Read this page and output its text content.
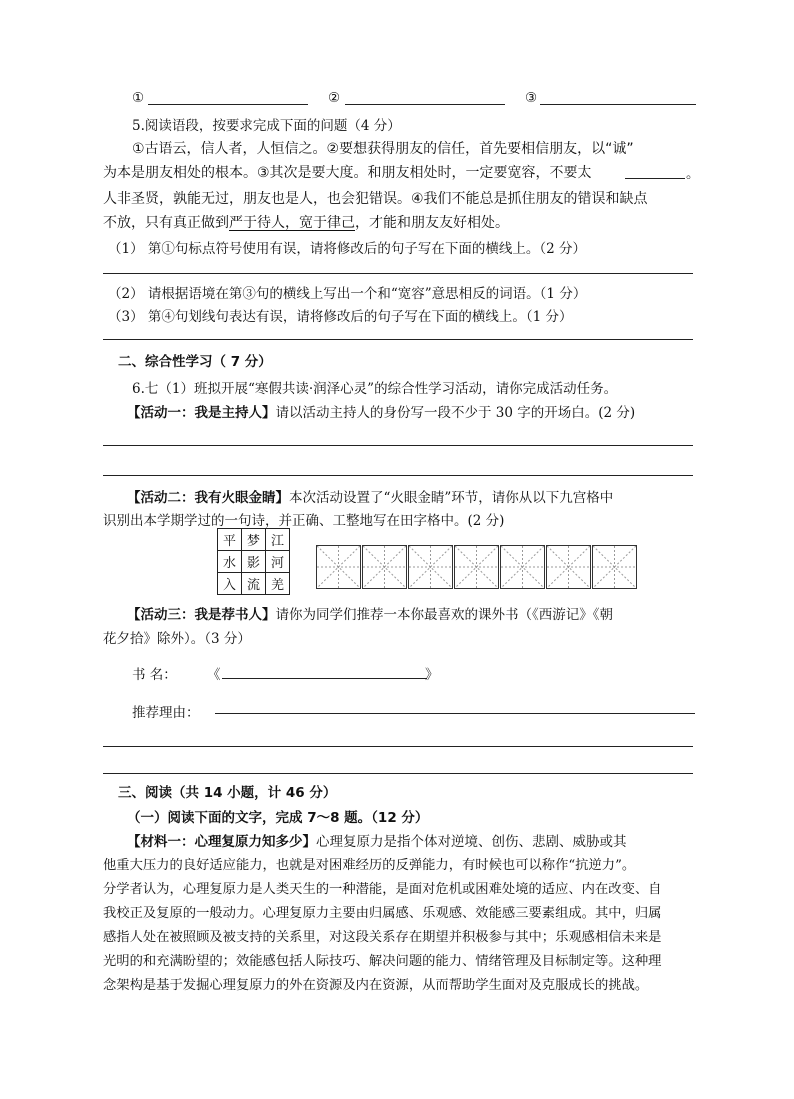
①	②	③
5.阅读语段，按要求完成下面的问题（4 分）
①古语云，信人者，人恒信之。②要想获得朋友的信任，首先要相信朋友，以“诚”
为本是朋友相处的根本。③其次是要大度。和朋友相处时，一定要宽容，不要太	。
人非圣贤，孰能无过，朋友也是人，也会犯错误。④我们不能总是抓住朋友的错误和缺点
不放，只有真正做到严于待人，宽于律己，才能和朋友友好相处。
（1） 第①句标点符号使用有误，请将修改后的句子写在下面的横线上。（2 分）
（2） 请根据语境在第③句的横线上写出一个和“宽容”意思相反的词语。（1 分）
（3） 第④句划线句表达有误，请将修改后的句子写在下面的横线上。（1 分）
二、综合性学习（ 7 分）
6.七（1）班拟开展“寒假共读·润泽心灵”的综合性学习活动，请你完成活动任务。
【活动一：我是主持人】请以活动主持人的身份写一段不少于 30 字的开场白。(2 分)
【活动二：我有火眼金睛】本次活动设置了“火眼金睛”环节，请你从以下九宫格中
识别出本学期学过的一句诗，并正确、工整地写在田字格中。(2 分)
平	梦	江
水	影	河
入	流	羌
【活动三：我是荐书人】请你为同学们推荐一本你最喜欢的课外书（《西游记》《朝
花夕拾》除外）。（3 分）
书 名： 《	》
推荐理由：
三、阅读（共 14 小题，计 46 分）
（一）阅读下面的文字，完成 7～8 题。（12 分）
【材料一：心理复原力知多少】心理复原力是指个体对逆境、创伤、悲剧、威胁或其
他重大压力的良好适应能力，也就是对困难经历的反弹能力，有时候也可以称作“抗逆力”。
分学者认为，心理复原力是人类天生的一种潜能，是面对危机或困难处境的适应、内在改变、自
我校正及复原的一般动力。心理复原力主要由归属感、乐观感、效能感三要素组成。其中，归属
感指人处在被照顾及被支持的关系里，对这段关系存在期望并积极参与其中；乐观感相信未来是
光明的和充满盼望的；效能感包括人际技巧、解决问题的能力、情绪管理及目标制定等。这种理
念架构是基于发掘心理复原力的外在资源及内在资源，从而帮助学生面对及克服成长的挑战。
